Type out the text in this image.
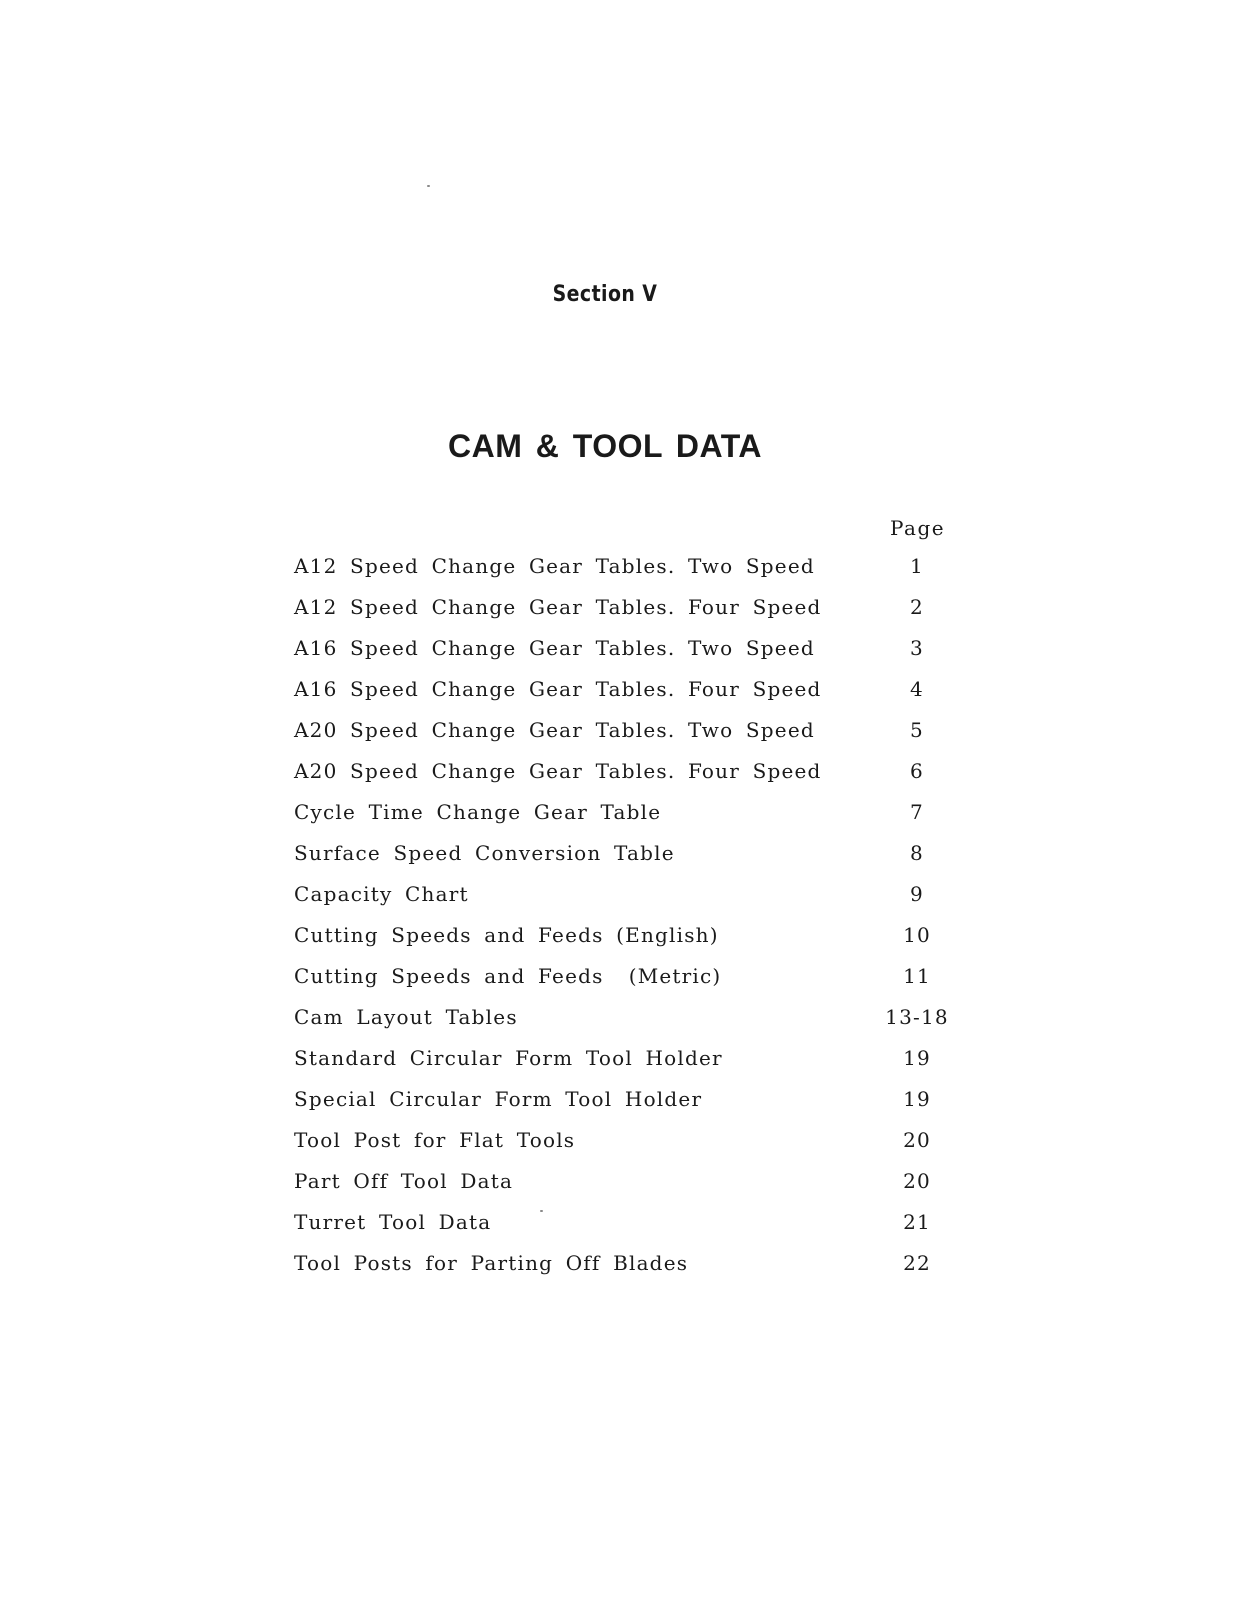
Section V
CAM & TOOL DATA
Page
A12 Speed Change Gear Tables. Two Speed	1
A12 Speed Change Gear Tables. Four Speed	2
A16 Speed Change Gear Tables. Two Speed	3
A16 Speed Change Gear Tables. Four Speed	4
A20 Speed Change Gear Tables. Two Speed	5
A20 Speed Change Gear Tables. Four Speed	6
Cycle Time Change Gear Table	7
Surface Speed Conversion Table	8
Capacity Chart	9
Cutting Speeds and Feeds (English)	10
Cutting Speeds and Feeds  (Metric)	11
Cam Layout Tables	13-18
Standard Circular Form Tool Holder	19
Special Circular Form Tool Holder	19
Tool Post for Flat Tools	20
Part Off Tool Data	20
Turret Tool Data	21
Tool Posts for Parting Off Blades	22
